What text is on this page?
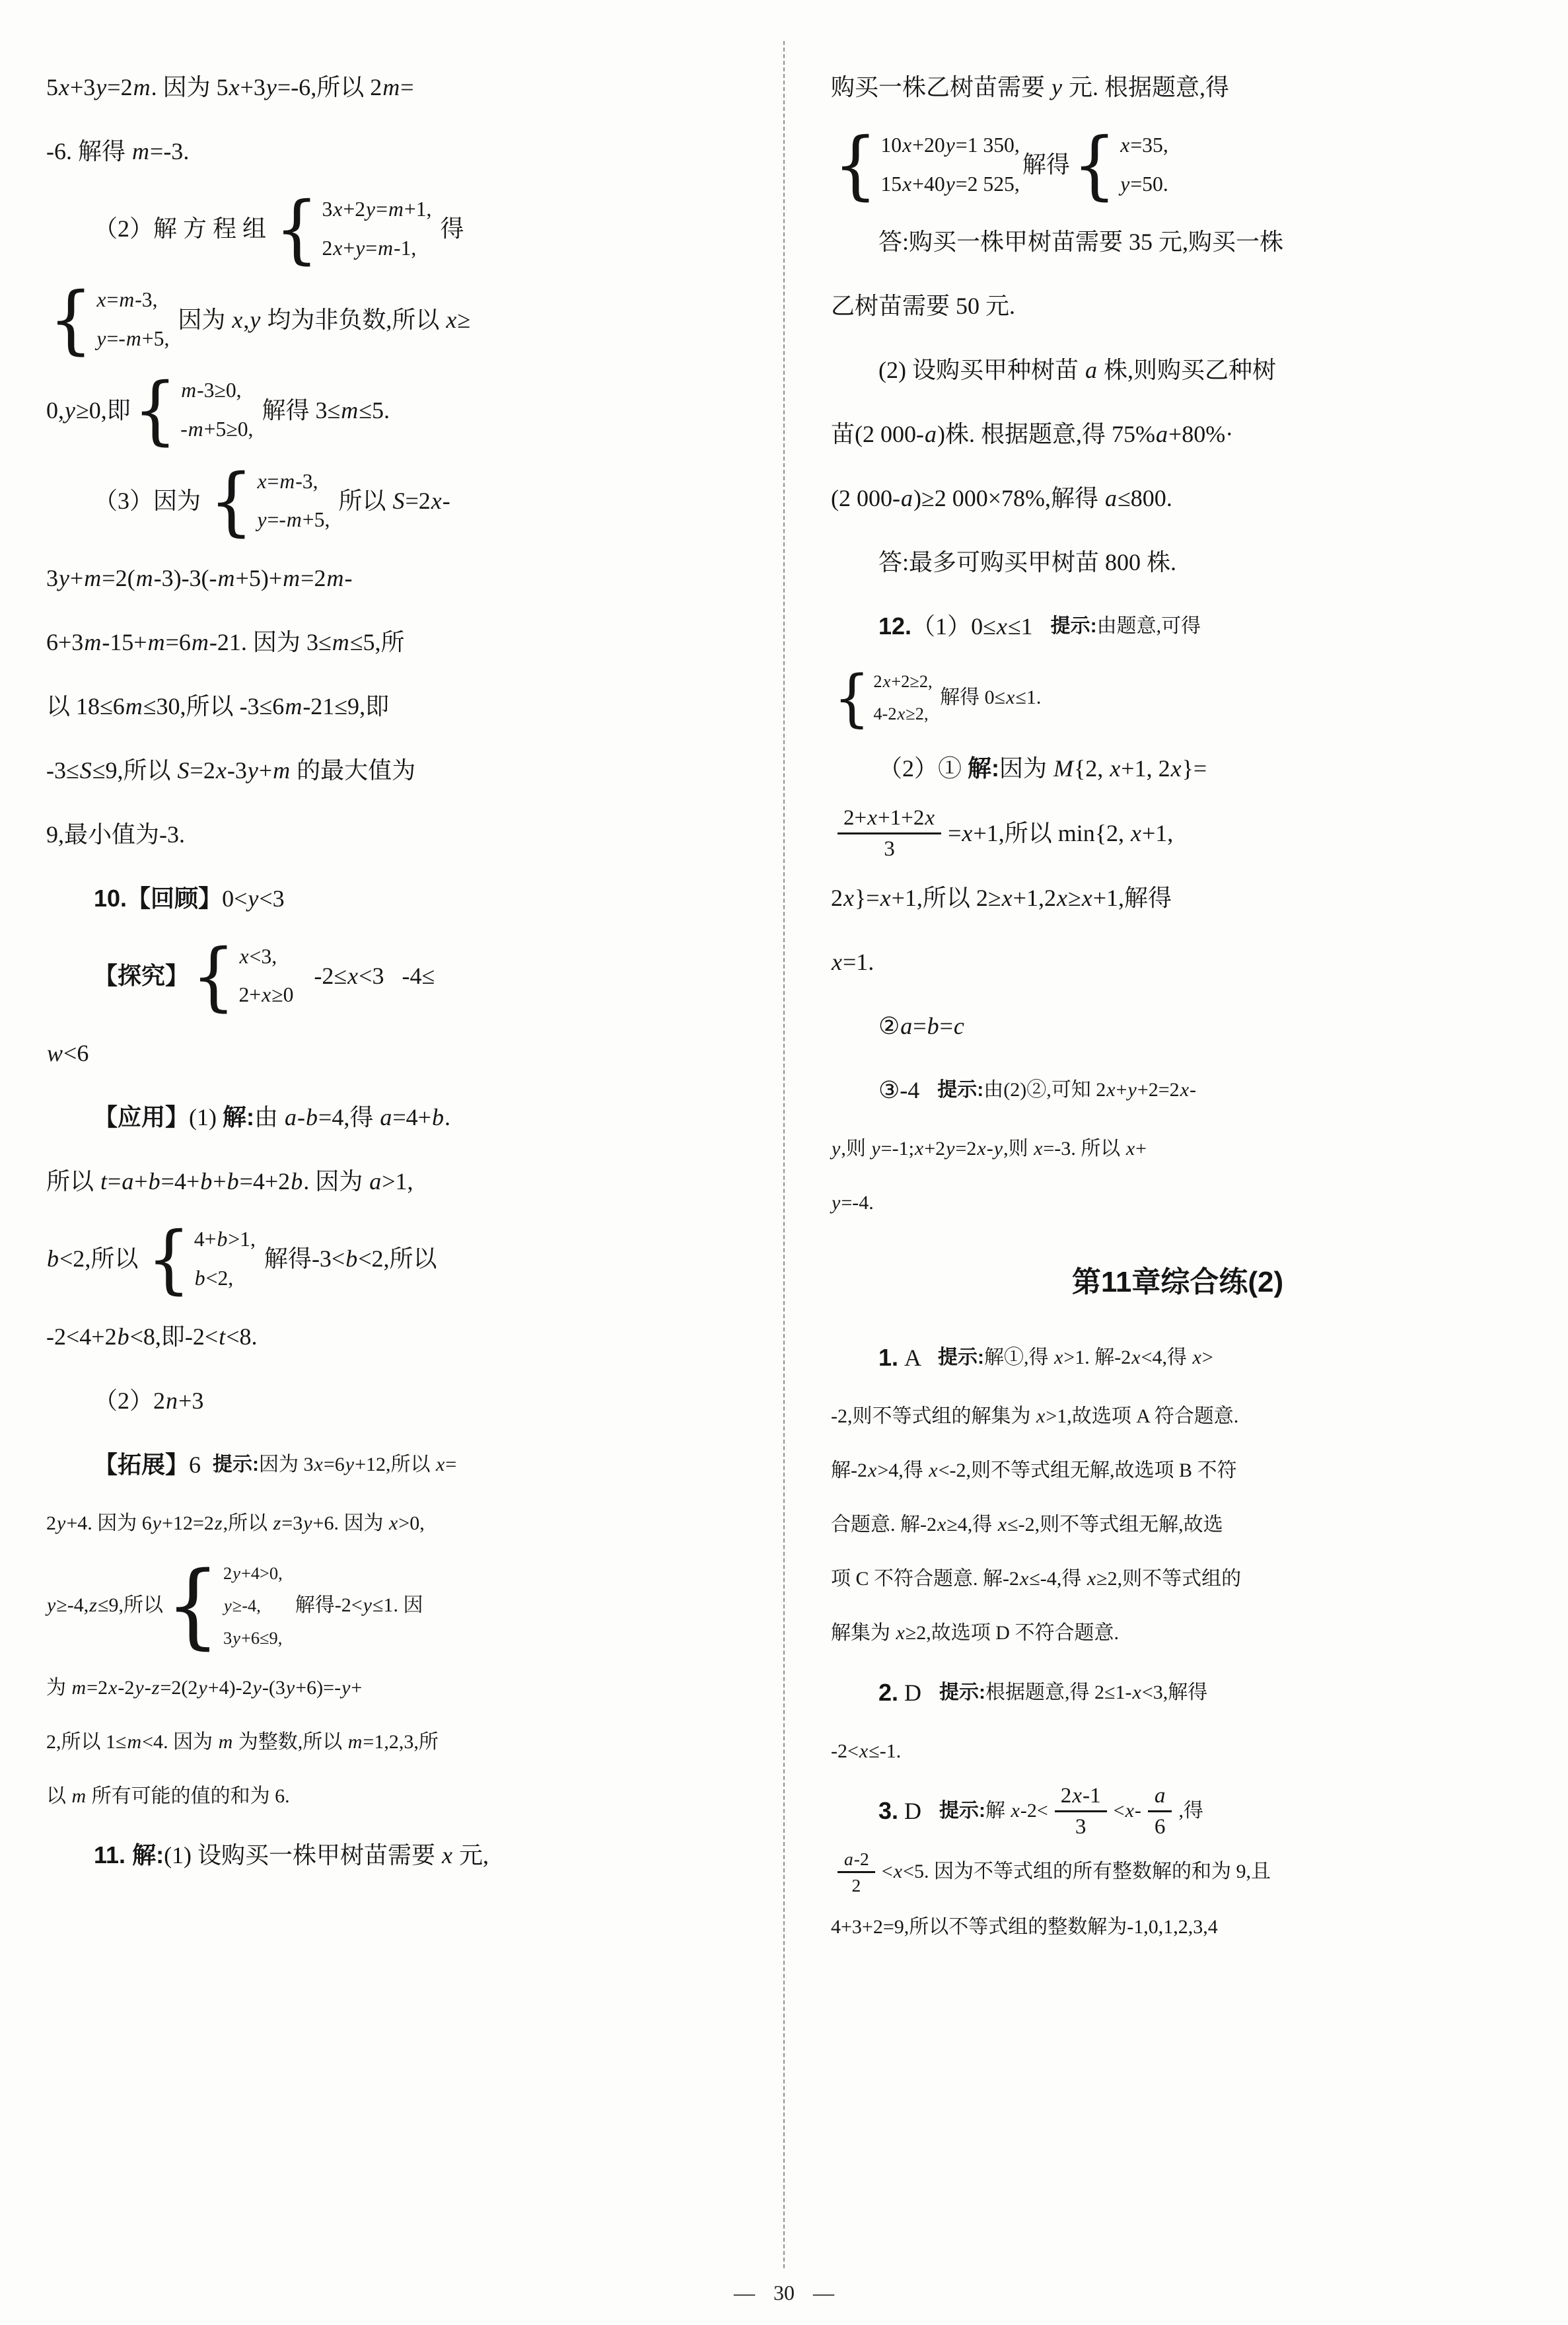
5x+3y=2m . 因为 5x+3y=-6 ,所以 2m=
-6 . 解得 m=-3 .
（2）解 方 程 组 { 3x+2y=m+1,
2x+y=m-1,
得
{ x=m-3,
y=-m+5,
因为 x,y 均为非负数,所以 x≥
0,y≥0 ,即 { m-3≥0,
-m+5≥0,
解得 3≤m≤5 .
（3）因为 { x=m-3,
y=-m+5,
所以 S=2x-
3y+m=2(m-3)-3(-m+5)+m=2m-
6+3m-15+m=6m-21 . 因为 3≤m≤5 ,所
以 18≤6m≤30 ,所以 -3≤6m-21≤9 ,即
-3≤S≤9 ,所以 S=2x-3y+m 的最大值为
9,最小值为 -3 .
10. 【回顾】 0<y<3
【探究】 { x<3,
2+x≥0

-2≤x<3
-4≤
w<6
【应用】 (1) 解: 由 a-b=4 ,得 a=4+b .
所以 t=a+b=4+b+b=4+2b . 因为 a>1 ,
b<2 ,所以 { 4+b>1,
b<2,
解得 -3<b<2 ,所以
-2<4+2b<8 ,即 -2<t<8 .
（2） 2n+3
【拓展】 6
提示: 因为 3x=6y+12 ,所以 x=
2y+4 . 因为 6y+12=2z ,所以 z=3y+6 . 因为 x>0 ,
y≥-4,z≤9 ,所以 { 2y+4>0,
y≥-4,
3y+6≤9,
解得 -2<y≤1 . 因
为 m=2x-2y-z=2(2y+4)-2y-(3y+6)=-y+
2 ,所以 1≤m<4 . 因为 m 为整数,所以 m=1,2,3 ,所
以 m 所有可能的值的和为 6.
11. 解: (1) 设购买一株甲树苗需要 x 元,
购买一株乙树苗需要 y 元. 根据题意,得
{ 10x+20y=1 350,
15x+40y=2 525,
解得 { x=35,
y=50.
答:购买一株甲树苗需要 35 元,购买一株
乙树苗需要 50 元.
(2) 设购买甲种树苗 a 株,则购买乙种树
苗( 2 000-a )株. 根据题意,得 75%a+80%·
(2 000-a)≥2 000×78% ,解得 a≤800 .
答:最多可购买甲树苗 800 株.
12. （1） 0≤x≤1
提示: 由题意,可得
{ 2x+2≥2,
4-2x≥2,
解得 0≤x≤1 .
（2）① 解: 因为 M{2, x+1, 2x}=
$\frac{2+x+1+2x}{3} =x+1$ ,所以 min {2, x+1,
2x}=x+1 ,所以 2≥x+1,2x≥x+1 ,解得
x=1 .
② a=b=c
③ -4
提示: 由(2)②,可知 2x+y+2=2x-
y ,则 y=-1;x+2y=2x-y ,则 x=-3 . 所以 x+
y=-4 .
第11章综合练(2)
1. A 提示: 解①,得 x>1 . 解 -2x<4 ,得 x>
-2 ,则不等式组的解集为 x>1 ,故选项 A 符合题意.
解 -2x>4 ,得 x<-2 ,则不等式组无解,故选项 B 不符
合题意. 解 -2x≥4 ,得 x≤-2 ,则不等式组无解,故选
项 C 不符合题意. 解 -2x≤-4 ,得 x≥2 ,则不等式组的
解集为 x≥2 ,故选项 D 不符合题意.
2. D 提示: 根据题意,得 2≤1-x<3 ,解得
-2<x≤-1 .
3. D 提示: 解 $x-2< \frac{2x-1}{3} <x- \frac{a}{6}$ ,得
$\frac{a-2}{2} <x<5$ . 因为不等式组的所有整数解的和为 9,且
4+3+2=9,所以不等式组的整数解为 -1,0,1,2,3,4
— 30 —
